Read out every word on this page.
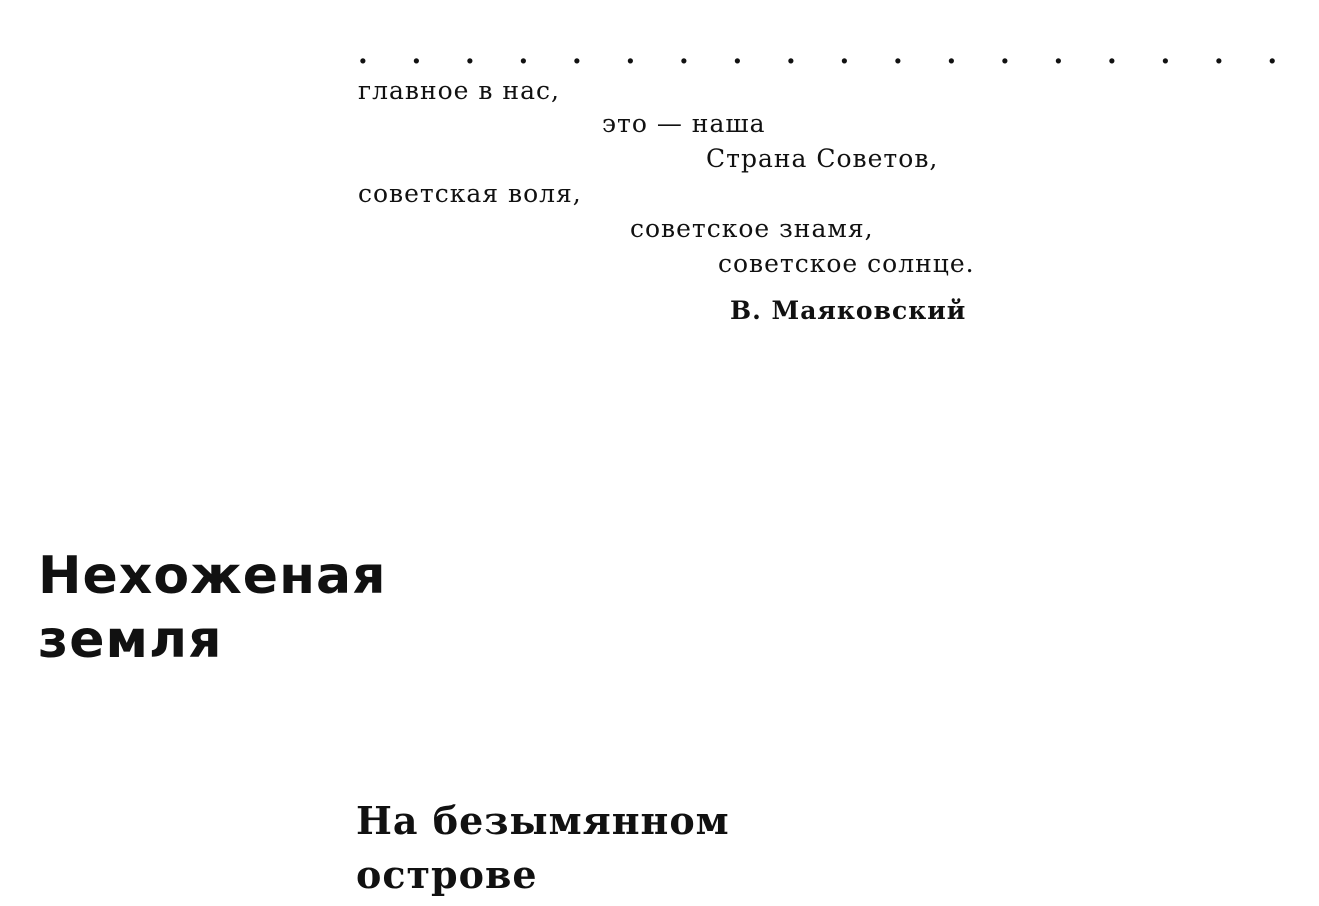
. . . . . . . . . . . . . . . . . .
главное в нас,
это — наша
Страна Советов,
советская воля,
советское знамя,
советское солнце.
В. Маяковский
Нехоженая
земля
На безымянном
острове
